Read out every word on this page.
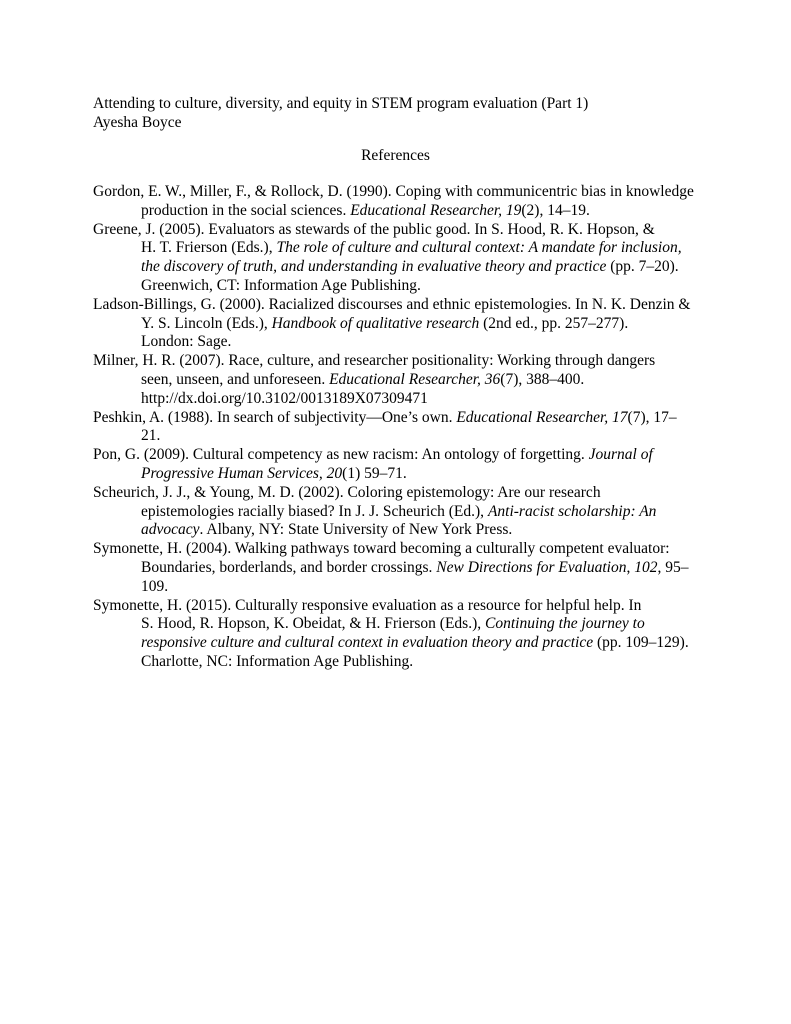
Attending to culture, diversity, and equity in STEM program evaluation (Part 1)
Ayesha Boyce
References
Gordon, E. W., Miller, F., & Rollock, D. (1990). Coping with communicentric bias in knowledge
production in the social sciences. Educational Researcher, 19(2), 14–19.
Greene, J. (2005). Evaluators as stewards of the public good. In S. Hood, R. K. Hopson, &
H. T. Frierson (Eds.), The role of culture and cultural context: A mandate for inclusion,
the discovery of truth, and understanding in evaluative theory and practice (pp. 7–20).
Greenwich, CT: Information Age Publishing.
Ladson-Billings, G. (2000). Racialized discourses and ethnic epistemologies. In N. K. Denzin &
Y. S. Lincoln (Eds.), Handbook of qualitative research (2nd ed., pp. 257–277).
London: Sage.
Milner, H. R. (2007). Race, culture, and researcher positionality: Working through dangers
seen, unseen, and unforeseen. Educational Researcher, 36(7), 388–400.
http://dx.doi.org/10.3102/0013189X07309471
Peshkin, A. (1988). In search of subjectivity—One’s own. Educational Researcher, 17(7), 17–
21.
Pon, G. (2009). Cultural competency as new racism: An ontology of forgetting. Journal of
Progressive Human Services, 20(1) 59–71.
Scheurich, J. J., & Young, M. D. (2002). Coloring epistemology: Are our research
epistemologies racially biased? In J. J. Scheurich (Ed.), Anti-racist scholarship: An
advocacy. Albany, NY: State University of New York Press.
Symonette, H. (2004). Walking pathways toward becoming a culturally competent evaluator:
Boundaries, borderlands, and border crossings. New Directions for Evaluation, 102, 95–
109.
Symonette, H. (2015). Culturally responsive evaluation as a resource for helpful help. In
S. Hood, R. Hopson, K. Obeidat, & H. Frierson (Eds.), Continuing the journey to
responsive culture and cultural context in evaluation theory and practice (pp. 109–129).
Charlotte, NC: Information Age Publishing.
